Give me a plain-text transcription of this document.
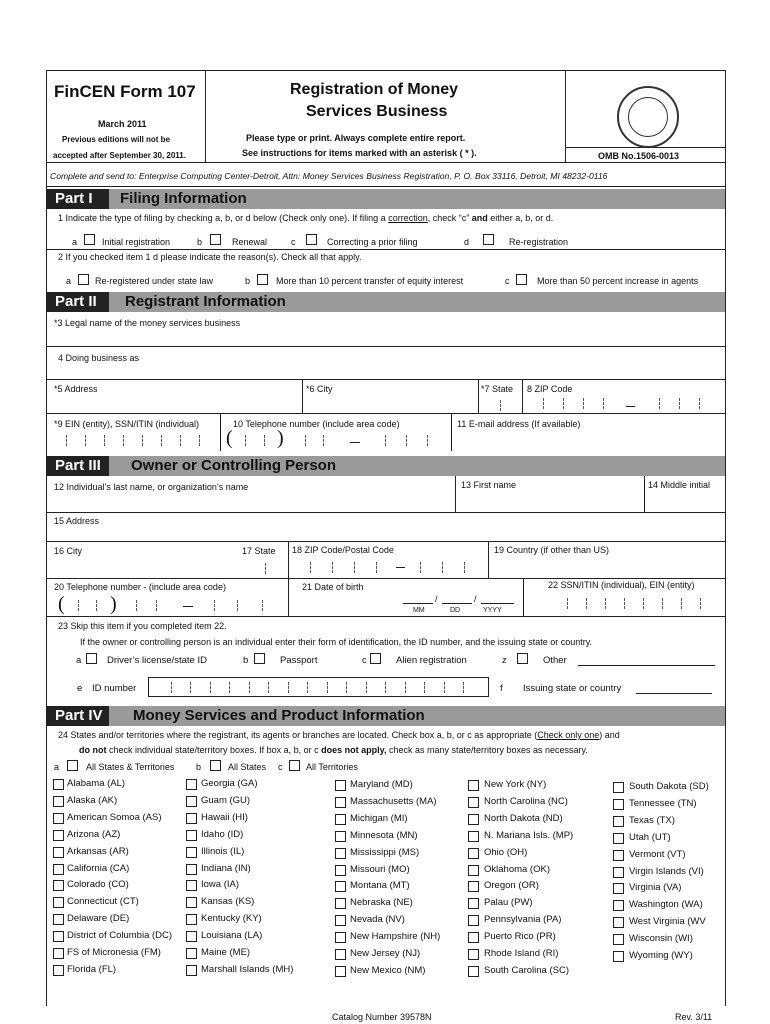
FinCEN Form 107
March 2011
Previous editions will not be
accepted after September 30, 2011.
Registration of Money
Services Business
Please type or print. Always complete entire report.
See instructions for items marked with an asterisk ( * ).	OMB No.1506-0013
Complete and send to: Enterprise Computing Center-Detroit, Attn: Money Services Business Registration, P. O. Box 33116, Detroit, MI 48232-0116
Part I	Filing Information
1 Indicate the type of filing by checking a, b, or d below (Check only one). If filing a correction, check “c” and either a, b, or d.
a	Initial registration	b	Renewal	c	Correcting a prior filing	d	Re-registration
2 If you checked item 1 d please indicate the reason(s). Check all that apply.
a	Re-registered under state law	b	More than 10 percent transfer of equity interest	c	More than 50 percent increase in agents
Part II	Registrant Information
*3 Legal name of the money services business
4 Doing business as
*5 Address	*6 City	*7 State 8 ZIP Code
*9 EIN (entity), SSN/ITIN (individual)	10 Telephone number (include area code)
( )
11 E-mail address (If available)
Part III	Owner or Controlling Person
12 Individual’s last name, or organization’s name	13 First name	14 Middle initial
15 Address
16 City	17 State 18 ZIP Code/Postal Code	19 Country (if other than US)
20 Telephone number - (include area code)
( )
21 Date of birth
/	/
MM	DD	YYYY
22 SSN/ITIN (individual), EIN (entity)
23 Skip this item if you completed item 22.
If the owner or controlling person is an individual enter their form of identification, the ID number, and the issuing state or country.
a	Driver’s license/state ID	b	Passport	c	Alien registration	z	Other
e ID number	f Issuing state or country
Part IV	Money Services and Product Information
24 States and/or territories where the registrant, its agents or branches are located. Check box a, b, or c as appropriate (Check only one) and
do not check individual state/territory boxes. If box a, b, or c does not apply, check as many state/territory boxes as necessary.
a	All States & Territories b	All States c	All Territories
Alabama (AL)
Alaska (AK)
American Somoa (AS)
Arizona (AZ)
Arkansas (AR)
California (CA)
Colorado (CO)
Connecticut (CT)
Delaware (DE)
District of Columbia (DC)
FS of Micronesia (FM)
Florida (FL)
Georgia (GA)
Guam (GU)
Hawaii (HI)
Idaho (ID)
Illinois (IL)
Indiana (IN)
Iowa (IA)
Kansas (KS)
Kentucky (KY)
Louisiana (LA)
Maine (ME)
Marshall Islands (MH)
Maryland (MD)
Massachusetts (MA)
Michigan (MI)
Minnesota (MN)
Mississippi (MS)
Missouri (MO)
Montana (MT)
Nebraska (NE)
Nevada (NV)
New Hampshire (NH)
New Jersey (NJ)
New Mexico (NM)
New York (NY)
North Carolina (NC)
North Dakota (ND)
N. Mariana Isls. (MP)
Ohio (OH)
Oklahoma (OK)
Oregon (OR)
Palau (PW)
Pennsylvania (PA)
Puerto Rico (PR)
Rhode Island (RI)
South Carolina (SC)
South Dakota (SD)
Tennessee (TN)
Texas (TX)
Utah (UT)
Vermont (VT)
Virgin Islands (VI)
Virginia (VA)
Washington (WA)
West Virginia (WV
Wisconsin (WI)
Wyoming (WY)
Catalog Number 39578N	Rev. 3/11
